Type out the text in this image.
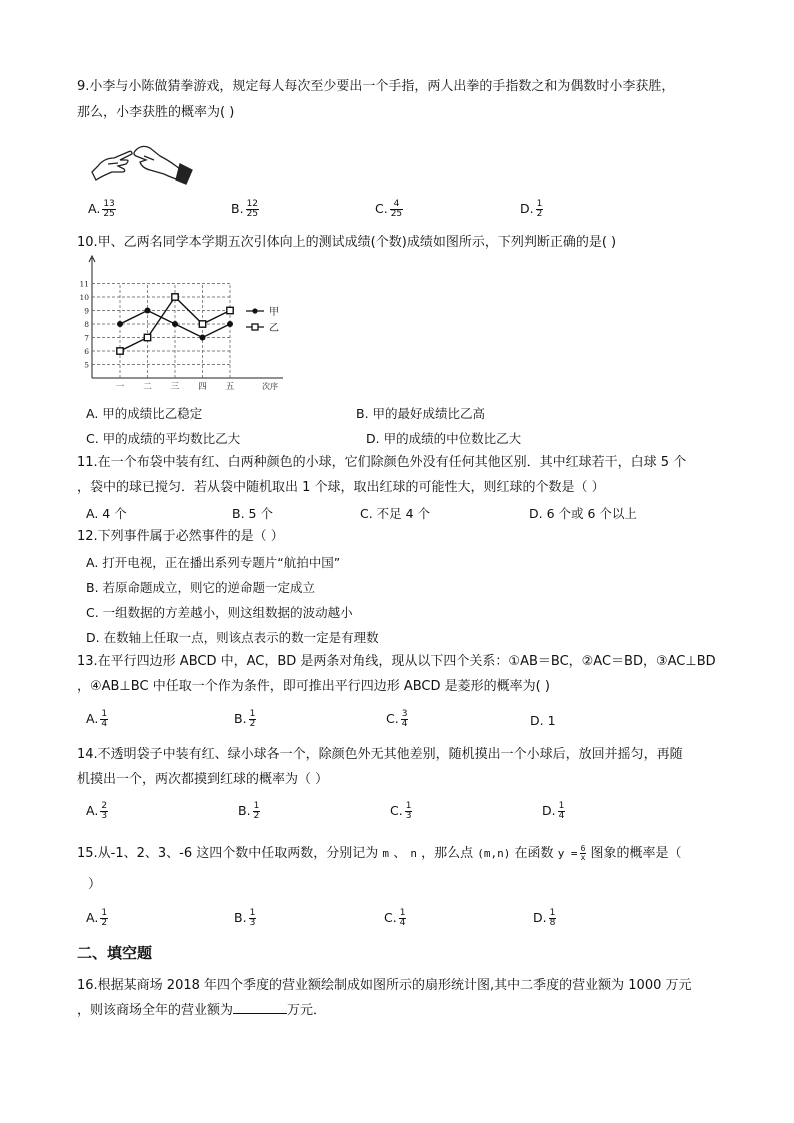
9.小李与小陈做猜拳游戏，规定每人每次至少要出一个手指，两人出拳的手指数之和为偶数时小李获胜，
那么，小李获胜的概率为( )
A. $\frac{13}{25}$	B. $\frac{12}{25}$	C. $\frac{4}{25}$	D. $\frac{1}{2}$
10.甲、乙两名同学本学期五次引体向上的测试成绩(个数)成绩如图所示，下列判断正确的是( )
5
6
7
8
9
10
11
一 二 三 四 五	次序
甲
乙
A. 甲的成绩比乙稳定	B. 甲的最好成绩比乙高
C. 甲的成绩的平均数比乙大	D. 甲的成绩的中位数比乙大
11.在一个布袋中装有红、白两种颜色的小球，它们除颜色外没有任何其他区别．其中红球若干，白球 5 个
，袋中的球已搅匀．若从袋中随机取出 1 个球，取出红球的可能性大，则红球的个数是（ ）
A. 4 个	B. 5 个	C. 不足 4 个	D. 6 个或 6 个以上
12.下列事件属于必然事件的是（ ）
A. 打开电视，正在播出系列专题片“航拍中国”
B. 若原命题成立，则它的逆命题一定成立
C. 一组数据的方差越小，则这组数据的波动越小
D. 在数轴上任取一点，则该点表示的数一定是有理数
13.在平行四边形 ABCD 中，AC，BD 是两条对角线，现从以下四个关系：①AB＝BC，②AC＝BD，③AC⊥BD
，④AB⊥BC 中任取一个作为条件，即可推出平行四边形 ABCD 是菱形的概率为( )
A. $\frac{1}{4}$	B. $\frac{1}{2}$	C. $\frac{3}{4}$	D. 1
14.不透明袋子中装有红、绿小球各一个，除颜色外无其他差别，随机摸出一个小球后，放回并摇匀，再随
机摸出一个，两次都摸到红球的概率为（ ）
A. $\frac{2}{3}$	B. $\frac{1}{2}$	C. $\frac{1}{3}$	D. $\frac{1}{4}$
15.从-1、2、3、-6 这四个数中任取两数，分别记为 m 、 n ，那么点 (m,n) 在函数 $y = \frac{6}{x}$ 图象的概率是（
）
A. $\frac{1}{2}$	B. $\frac{1}{3}$	C. $\frac{1}{4}$	D. $\frac{1}{8}$
二、填空题
16.根据某商场 2018 年四个季度的营业额绘制成如图所示的扇形统计图,其中二季度的营业额为 1000 万元
，则该商场全年的营业额为	万元．
